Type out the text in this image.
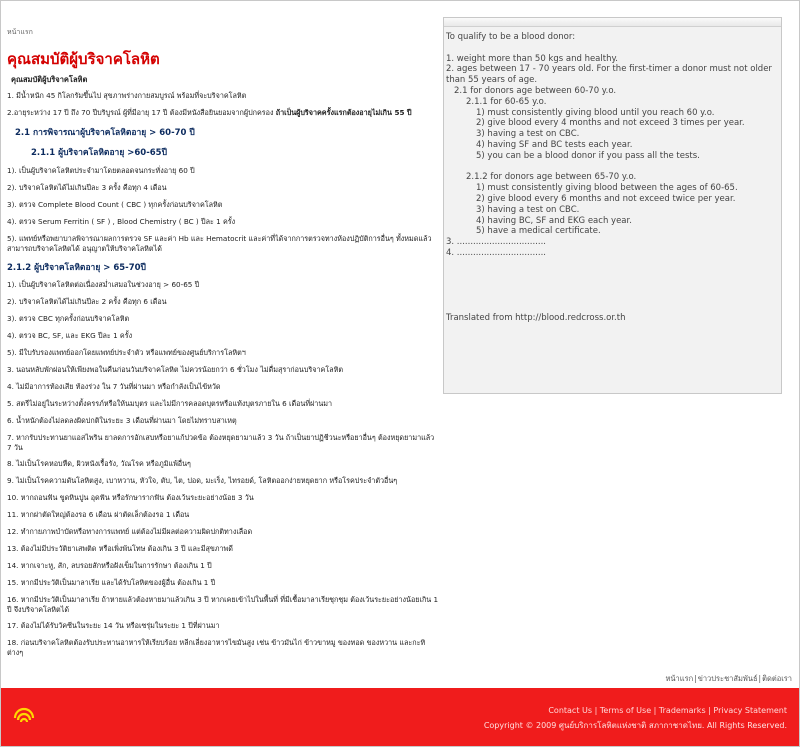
หน้าแรก
คุณสมบัติผู้บริจาคโลหิต
คุณสมบัติผู้บริจาคโลหิต
1. มีน้ำหนัก 45 กิโลกรัมขึ้นไป สุขภาพร่างกายสมบูรณ์ พร้อมที่จะบริจาคโลหิต
2.อายุระหว่าง 17 ปี ถึง 70 ปีบริบูรณ์ ผู้ที่มีอายุ 17 ปี ต้องมีหนังสือยินยอมจากผู้ปกครอง ถ้าเป็นผู้บริจาคครั้งแรกต้องอายุไม่เกิน 55 ปี
2.1 การพิจารณาผู้บริจาคโลหิตอายุ > 60-70 ปี
2.1.1 ผู้บริจาคโลหิตอายุ >60-65ปี
1). เป็นผู้บริจาคโลหิตประจำมาโดยตลอดจนกระทั่งอายุ 60 ปี
2). บริจาคโลหิตได้ไม่เกินปีละ 3 ครั้ง คือทุก 4 เดือน
3). ตรวจ Complete Blood Count ( CBC ) ทุกครั้งก่อนบริจาคโลหิต
4). ตรวจ Serum Ferritin ( SF ) , Blood Chemistry ( BC ) ปีละ 1 ครั้ง
5). แพทย์หรือพยาบาลพิจารณาผลการตรวจ SF และค่า Hb และ Hematocrit และค่าที่ได้จากการตรวจทางห้องปฏิบัติการอื่นๆ ทั้งหมดแล้วสามารถบริจาคโลหิตได้ อนุญาตให้บริจาคโลหิตได้
2.1.2 ผู้บริจาคโลหิตอายุ > 65-70ปี
1). เป็นผู้บริจาคโลหิตต่อเนื่องสม่ำเสมอในช่วงอายุ > 60-65 ปี
2). บริจาคโลหิตได้ไม่เกินปีละ 2 ครั้ง คือทุก 6 เดือน
3). ตรวจ CBC ทุกครั้งก่อนบริจาคโลหิต
4). ตรวจ BC, SF, และ EKG ปีละ 1 ครั้ง
5). มีใบรับรองแพทย์ออกโดยแพทย์ประจำตัว หรือแพทย์ของศูนย์บริการโลหิตฯ
3. นอนหลับพักผ่อนให้เพียงพอในคืนก่อนวันบริจาคโลหิต ไม่ควรน้อยกว่า 6 ชั่วโมง ไม่ดื่มสุราก่อนบริจาคโลหิต
4. ไม่มีอาการท้องเสีย ท้องร่วง ใน 7 วันที่ผ่านมา หรือกำลังเป็นไข้หวัด
5. สตรีไม่อยู่ในระหว่างตั้งครรภ์หรือให้นมบุตร และไม่มีการคลอดบุตรหรือแท้งบุตรภายใน 6 เดือนที่ผ่านมา
6. น้ำหนักต้องไม่ลดลงผิดปกติในระยะ 3 เดือนที่ผ่านมา โดยไม่ทราบสาเหตุ
7. หากรับประทานยาแอสไพริน ยาลดการอักเสบหรือยาแก้ปวดข้อ ต้องหยุดยามาแล้ว 3 วัน ถ้าเป็นยาปฏิชีวนะหรือยาอื่นๆ ต้องหยุดยามาแล้ว 7 วัน
8. ไม่เป็นโรคหอบหืด, ผิวหนังเรื้อรัง, วัณโรค หรือภูมิแพ้อื่นๆ
9. ไม่เป็นโรคความดันโลหิตสูง, เบาหวาน, หัวใจ, ตับ, ไต, ปอด, มะเร็ง, ไทรอยด์, โลหิตออกง่ายหยุดยาก หรือโรคประจำตัวอื่นๆ
10. หากถอนฟัน ขูดหินปูน อุดฟัน หรือรักษารากฟัน ต้องเว้นระยะอย่างน้อย 3 วัน
11. หากผ่าตัดใหญ่ต้องรอ 6 เดือน ผ่าตัดเล็กต้องรอ 1 เดือน
12. ทำกายภาพบำบัดหรือทางการแพทย์ แต่ต้องไม่มีผลต่อความผิดปกติทางเลือด
13. ต้องไม่มีประวัติยาเสพติด หรือเพิ่งพ้นโทษ ต้องเกิน 3 ปี และมีสุขภาพดี
14. หากเจาะหู, สัก, ลบรอยสักหรือฝังเข็มในการรักษา ต้องเกิน 1 ปี
15. หากมีประวัติเป็นมาลาเรีย และได้รับโลหิตของผู้อื่น ต้องเกิน 1 ปี
16. หากมีประวัติเป็นมาลาเรีย ถ้าหายแล้วต้องหายมาแล้วเกิน 3 ปี หากเคยเข้าไปในพื้นที่ ที่มีเชื้อมาลาเรียชุกชุม ต้องเว้นระยะอย่างน้อยเกิน 1 ปี จึงบริจาคโลหิตได้
17. ต้องไม่ได้รับวัคซีนในระยะ 14 วัน หรือเซรุ่มในระยะ 1 ปีที่ผ่านมา
18. ก่อนบริจาคโลหิตต้องรับประทานอาหารให้เรียบร้อย หลีกเลี่ยงอาหารไขมันสูง เช่น ข้าวมันไก่ ข้าวขาหมู ของทอด ของหวาน และกะทิต่างๆ
To qualify to be a blood donor:
1. weight more than 50 kgs and healthy.
2. ages between 17 - 70 years old. For the first-timer a donor must not older than 55 years of age.
2.1 for donors age between 60-70 y.o.
2.1.1 for 60-65 y.o.
1) must consistently giving blood until you reach 60 y.o.
2) give blood every 4 months and not exceed 3 times per year.
3) having a test on CBC.
4) having SF and BC tests each year.
5) you can be a blood donor if you pass all the tests.
2.1.2 for donors age between 65-70 y.o.
1) must consistently giving blood between the ages of 60-65.
2) give blood every 6 months and not exceed twice per year.
3) having a test on CBC.
4) having BC, SF and EKG each year.
5) have a medical certificate.
3. .................................
4. .................................
Translated from http://blood.redcross.or.th
หน้าแรก|ข่าวประชาสัมพันธ์|ติดต่อเรา
Contact Us | Terms of Use | Trademarks | Privacy Statement
Copyright © 2009 ศูนย์บริการโลหิตแห่งชาติ สภากาชาดไทย. All Rights Reserved.
